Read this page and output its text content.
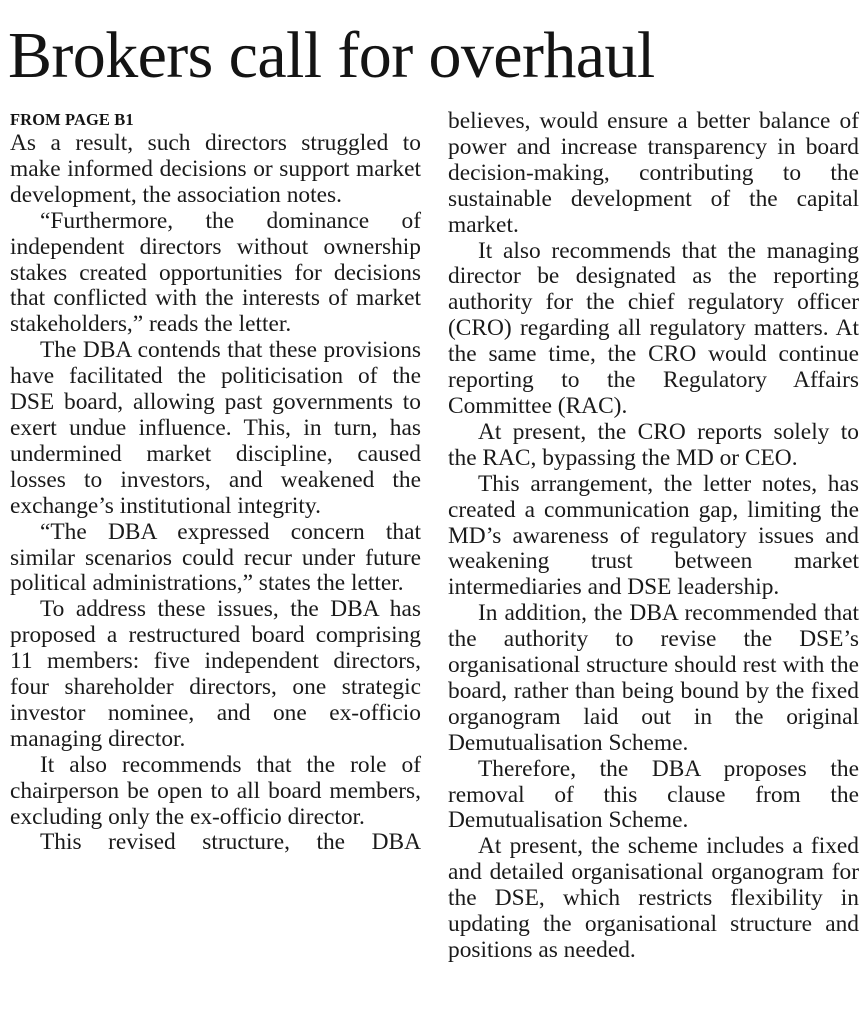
Brokers call for overhaul
FROM PAGE B1

As a result, such directors struggled to make informed decisions or support market development, the association notes.

“Furthermore, the dominance of independent directors without ownership stakes created opportunities for decisions that conflicted with the interests of market stakeholders,” reads the letter.

The DBA contends that these provisions have facilitated the politicisation of the DSE board, allowing past governments to exert undue influence. This, in turn, has undermined market discipline, caused losses to investors, and weakened the exchange’s institutional integrity.

“The DBA expressed concern that similar scenarios could recur under future political administrations,” states the letter.

To address these issues, the DBA has proposed a restructured board comprising 11 members: five independent directors, four shareholder directors, one strategic investor nominee, and one ex-officio managing director.

It also recommends that the role of chairperson be open to all board members, excluding only the ex-officio director.

This revised structure, the DBA

believes, would ensure a better balance of power and increase transparency in board decision-making, contributing to the sustainable development of the capital market.

It also recommends that the managing director be designated as the reporting authority for the chief regulatory officer (CRO) regarding all regulatory matters. At the same time, the CRO would continue reporting to the Regulatory Affairs Committee (RAC).

At present, the CRO reports solely to the RAC, bypassing the MD or CEO.

This arrangement, the letter notes, has created a communication gap, limiting the MD’s awareness of regulatory issues and weakening trust between market intermediaries and DSE leadership.

In addition, the DBA recommended that the authority to revise the DSE’s organisational structure should rest with the board, rather than being bound by the fixed organogram laid out in the original Demutualisation Scheme.

Therefore, the DBA proposes the removal of this clause from the Demutualisation Scheme.

At present, the scheme includes a fixed and detailed organisational organogram for the DSE, which restricts flexibility in updating the organisational structure and positions as needed.
